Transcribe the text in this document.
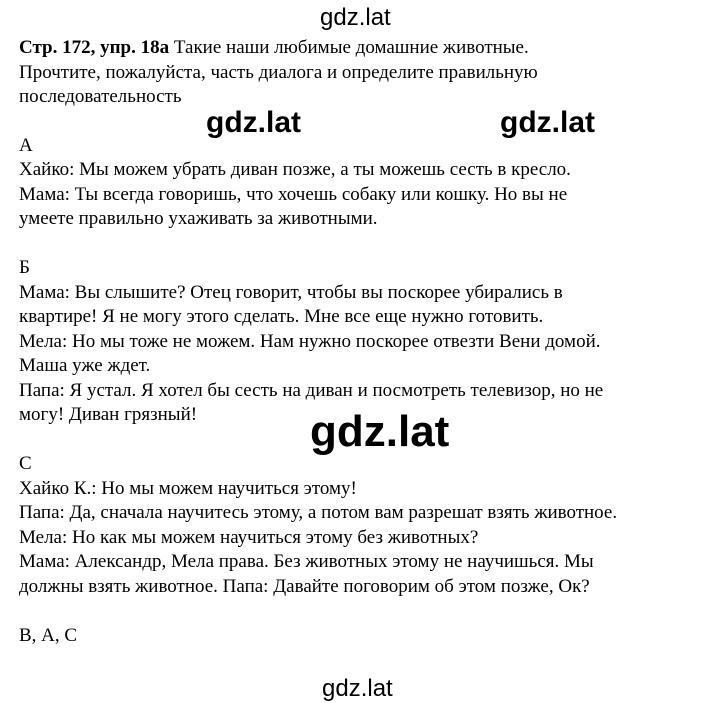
gdz.lat
gdz.lat	gdz.lat
gdz.lat
gdz.lat
Стр. 172, упр. 18а Такие наши любимые домашние животные.
Прочтите, пожалуйста, часть диалога и определите правильную
последовательность
А
Хайко: Мы можем убрать диван позже, а ты можешь сесть в кресло.
Мама: Ты всегда говоришь, что хочешь собаку или кошку. Но вы не
умеете правильно ухаживать за животными.
Б
Мама: Вы слышите? Отец говорит, чтобы вы поскорее убирались в
квартире! Я не могу этого сделать. Мне все еще нужно готовить.
Мела: Но мы тоже не можем. Нам нужно поскорее отвезти Вени домой.
Маша уже ждет.
Папа: Я устал. Я хотел бы сесть на диван и посмотреть телевизор, но не
могу! Диван грязный!
С
Хайко К.: Но мы можем научиться этому!
Папа: Да, сначала научитесь этому, а потом вам разрешат взять животное.
Мела: Но как мы можем научиться этому без животных?
Мама: Александр, Мела права. Без животных этому не научишься. Мы
должны взять животное. Папа: Давайте поговорим об этом позже, Ок?
В, А, С
